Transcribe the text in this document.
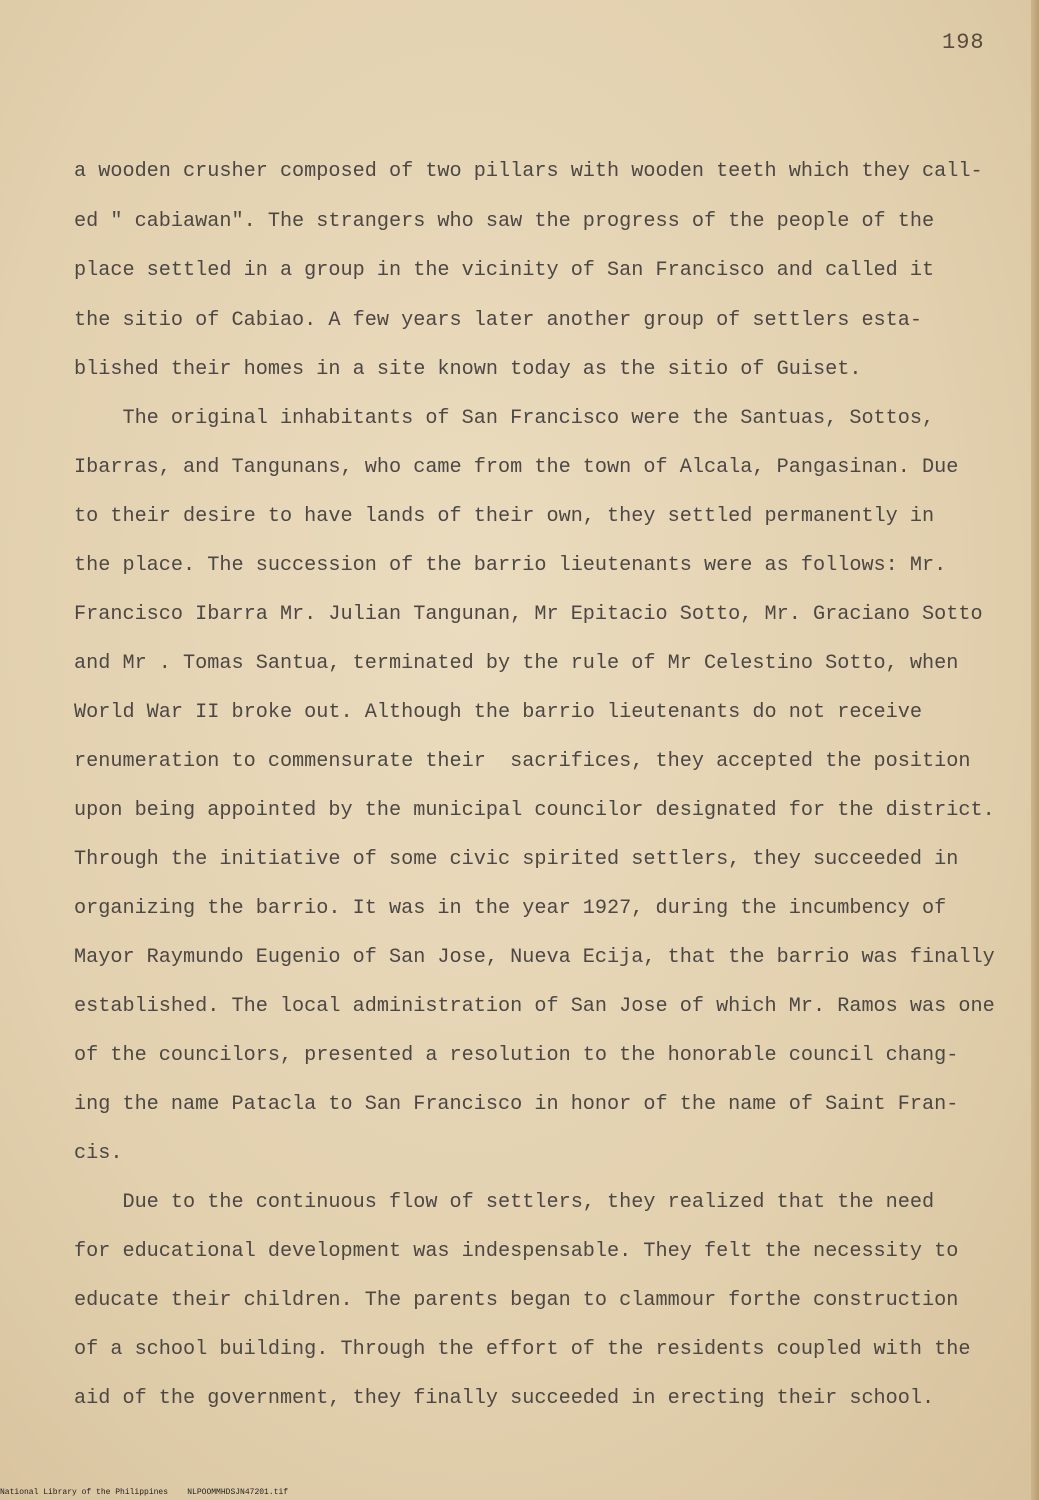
198

a wooden crusher composed of two pillars with wooden teeth which they call-

ed " cabiawan". The strangers who saw the progress of the people of the

place settled in a group in the vicinity of San Francisco and called it

the sitio of Cabiao. A few years later another group of settlers esta-

blished their homes in a site known today as the sitio of Guiset.

The original inhabitants of San Francisco were the Santuas, Sottos,

Ibarras, and Tangunans, who came from the town of Alcala, Pangasinan. Due

to their desire to have lands of their own, they settled permanently in

the place. The succession of the barrio lieutenants were as follows: Mr.

Francisco Ibarra Mr. Julian Tangunan, Mr Epitacio Sotto, Mr. Graciano Sotto

and Mr . Tomas Santua, terminated by the rule of Mr Celestino Sotto, when

World War II broke out. Although the barrio lieutenants do not receive

renumeration to commensurate their  sacrifices, they accepted the position

upon being appointed by the municipal councilor designated for the district.

Through the initiative of some civic spirited settlers, they succeeded in

organizing the barrio. It was in the year 1927, during the incumbency of

Mayor Raymundo Eugenio of San Jose, Nueva Ecija, that the barrio was finally

established. The local administration of San Jose of which Mr. Ramos was one

of the councilors, presented a resolution to the honorable council chang-

ing the name Patacla to San Francisco in honor of the name of Saint Fran-

cis.

Due to the continuous flow of settlers, they realized that the need

for educational development was indespensable. They felt the necessity to

educate their children. The parents began to clammour forthe construction

of a school building. Through the effort of the residents coupled with the

aid of the government, they finally succeeded in erecting their school.

National Library of the Philippines NLPOOMMHDSJN47201.tif
